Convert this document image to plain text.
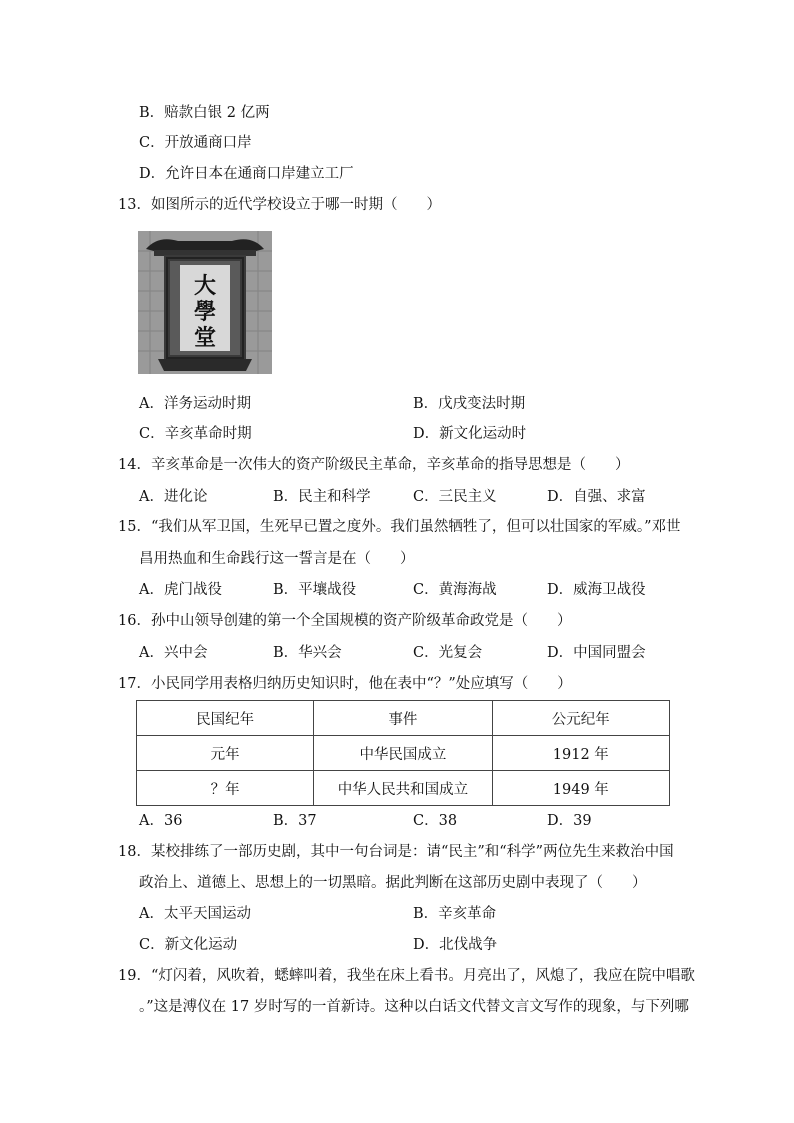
B．赔款白银 2 亿两
C．开放通商口岸
D．允许日本在通商口岸建立工厂
13．如图所示的近代学校设立于哪一时期（　　）
大
學
堂
A．洋务运动时期	B．戊戌变法时期
C．辛亥革命时期	D．新文化运动时
14．辛亥革命是一次伟大的资产阶级民主革命，辛亥革命的指导思想是（　　）
A．进化论	B．民主和科学	C．三民主义	D．自强、求富
15．“我们从军卫国，生死早已置之度外。我们虽然牺牲了，但可以壮国家的军威。”邓世
昌用热血和生命践行这一誓言是在（　　）
A．虎门战役	B．平壤战役	C．黄海海战	D．威海卫战役
16．孙中山领导创建的第一个全国规模的资产阶级革命政党是（　　）
A．兴中会	B．华兴会	C．光复会	D．中国同盟会
17．小民同学用表格归纳历史知识时，他在表中“？”处应填写（　　）
民国纪年	事件	公元纪年
元年	中华民国成立	1912 年
？年	中华人民共和国成立	1949 年
A．36	B．37	C．38	D．39
18．某校排练了一部历史剧，其中一句台词是：请“民主”和“科学”两位先生来救治中国
政治上、道德上、思想上的一切黑暗。据此判断在这部历史剧中表现了（　　）
A．太平天国运动	B．辛亥革命
C．新文化运动	D．北伐战争
19．“灯闪着，风吹着，蟋蟀叫着，我坐在床上看书。月亮出了，风熄了，我应在院中唱歌
。”这是溥仪在 17 岁时写的一首新诗。这种以白话文代替文言文写作的现象，与下列哪
